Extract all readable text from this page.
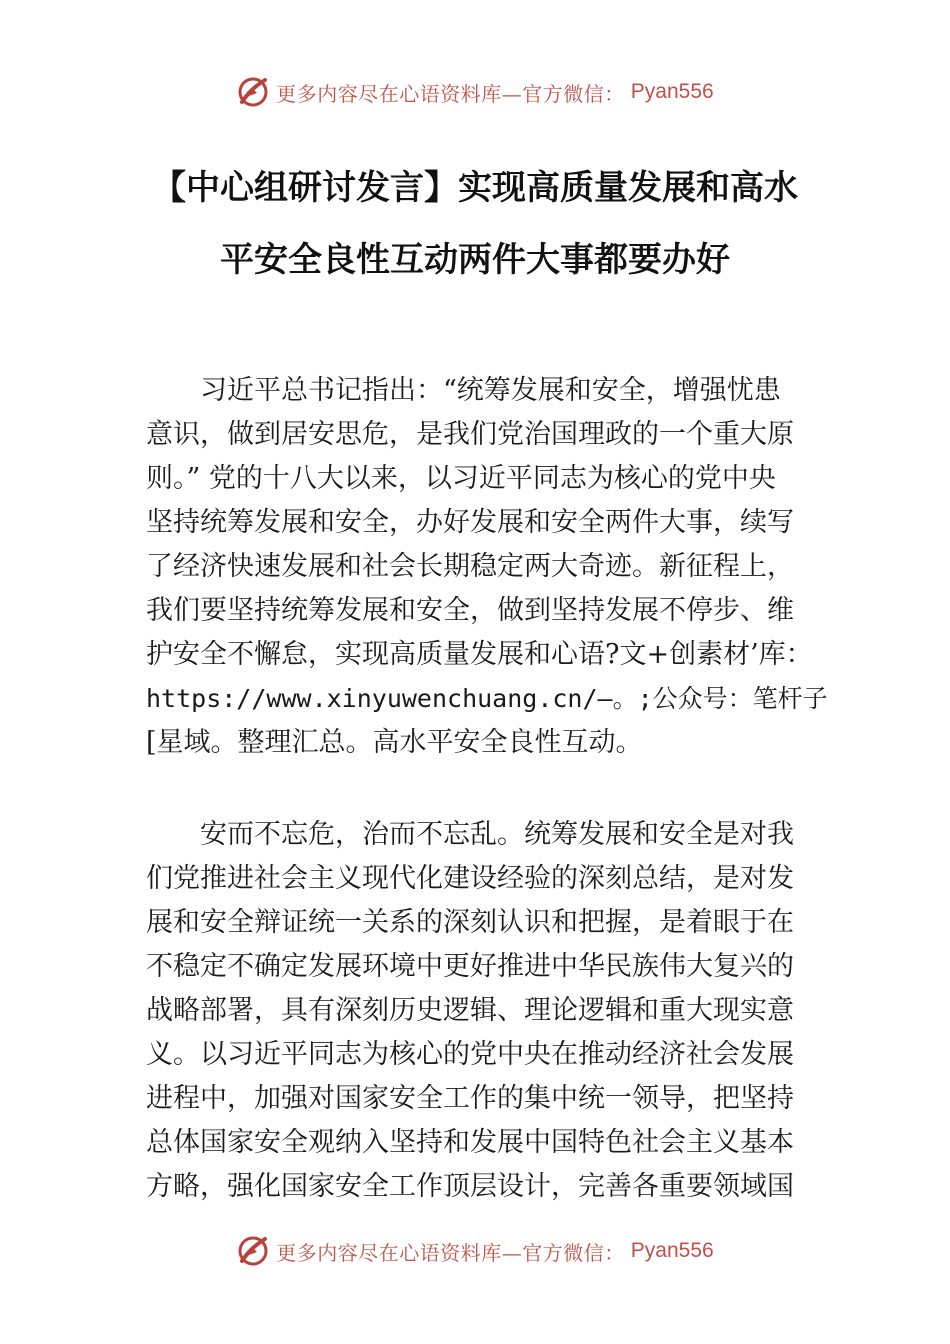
更多内容尽在心语资料库—官方微信： Pyan556
【中心组研讨发言】实现高质量发展和高水
平安全良性互动两件大事都要办好
　　习近平总书记指出：“统筹发展和安全，增强忧患
意识，做到居安思危，是我们党治国理政的一个重大原
则。” 党的十八大以来，以习近平同志为核心的党中央
坚持统筹发展和安全，办好发展和安全两件大事，续写
了经济快速发展和社会长期稳定两大奇迹。新征程上，
我们要坚持统筹发展和安全，做到坚持发展不停步、维
护安全不懈怠，实现高质量发展和心语?文+创素材’库：
https://www.xinyuwenchuang.cn/—。;公众号：笔杆子
[星域。整理汇总。高水平安全良性互动。
　　安而不忘危，治而不忘乱。统筹发展和安全是对我
们党推进社会主义现代化建设经验的深刻总结，是对发
展和安全辩证统一关系的深刻认识和把握，是着眼于在
不稳定不确定发展环境中更好推进中华民族伟大复兴的
战略部署，具有深刻历史逻辑、理论逻辑和重大现实意
义。以习近平同志为核心的党中央在推动经济社会发展
进程中，加强对国家安全工作的集中统一领导，把坚持
总体国家安全观纳入坚持和发展中国特色社会主义基本
方略，强化国家安全工作顶层设计，完善各重要领域国
更多内容尽在心语资料库—官方微信： Pyan556
